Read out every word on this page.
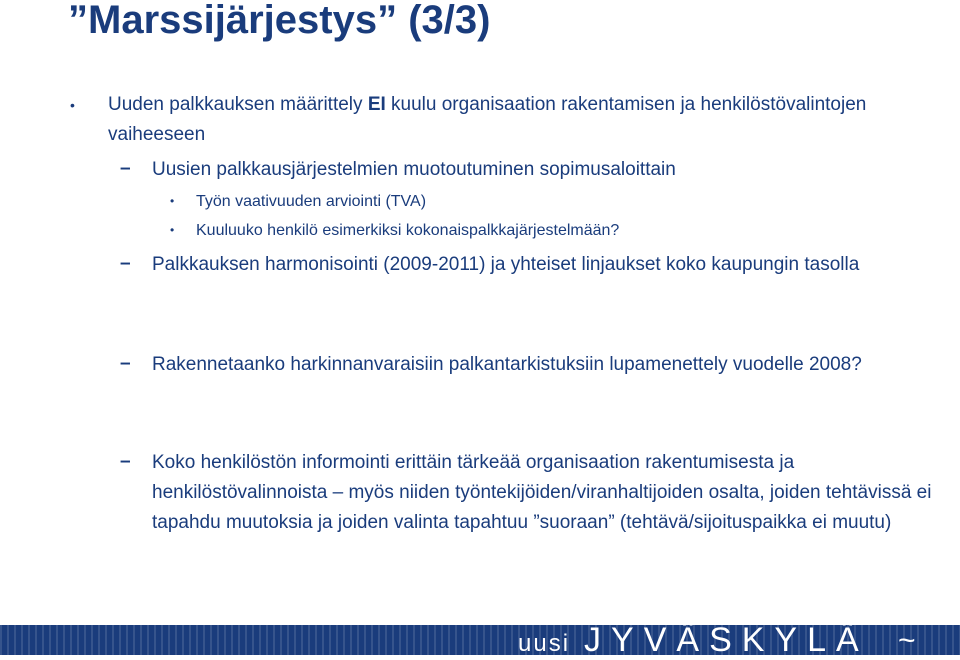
”Marssijärjestys” (3/3)
• Uuden palkkauksen määrittely EI kuulu organisaation rakentamisen ja henkilöstövalintojen vaiheeseen
– Uusien palkkausjärjestelmien muotoutuminen sopimusaloittain
• Työn vaativuuden arviointi (TVA)
• Kuuluuko henkilö esimerkiksi kokonaispalkkajärjestelmään?
– Palkkauksen harmonisointi (2009-2011) ja yhteiset linjaukset koko kaupungin tasolla
– Rakennetaanko harkinnanvaraisiin palkantarkistuksiin lupamenettely vuodelle 2008?
– Koko henkilöstön informointi erittäin tärkeää organisaation rakentumisesta ja henkilöstövalinnoista – myös niiden työntekijöiden/viranhaltijoiden osalta, joiden tehtävissä ei tapahdu muutoksia ja joiden valinta tapahtuu ”suoraan” (tehtävä/sijoituspaikka ei muutu)
uusi JYVÄSKYLÄ ~
